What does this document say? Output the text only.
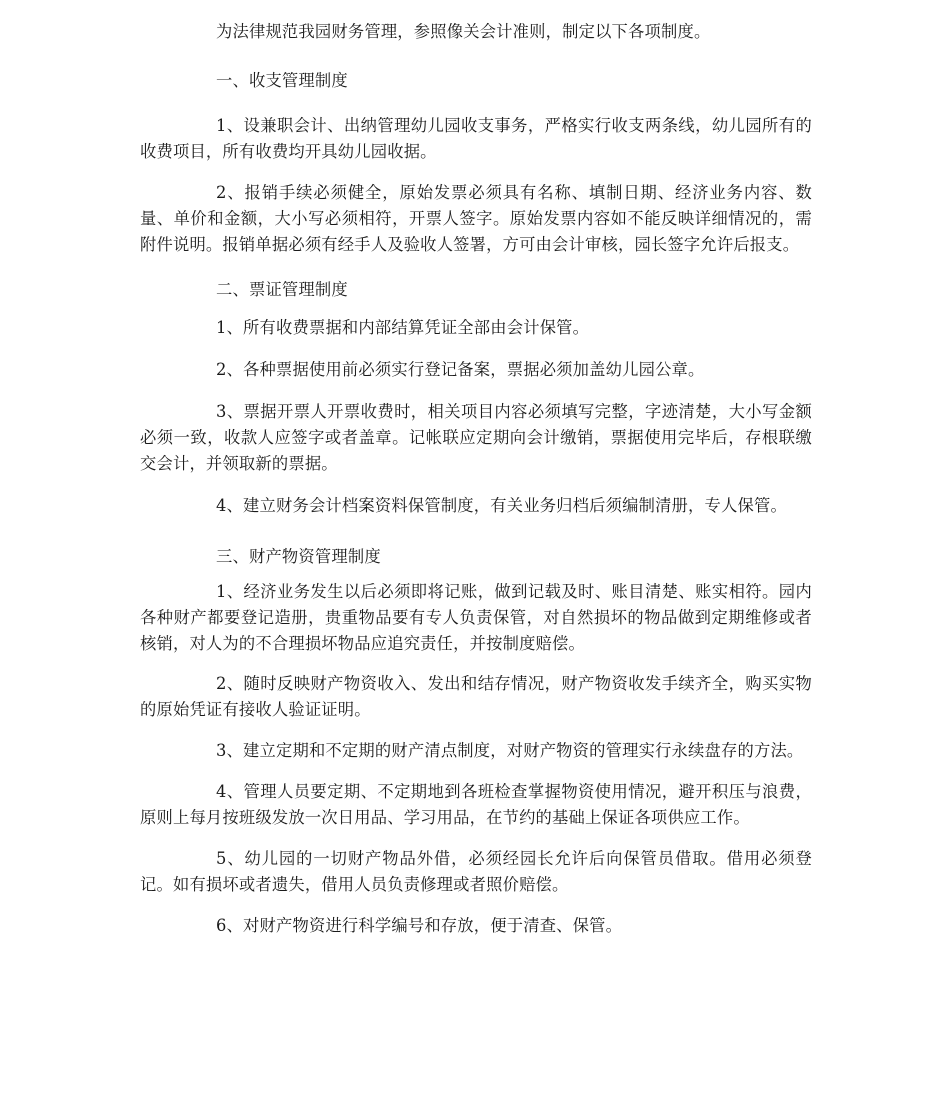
为法律规范我园财务管理，参照像关会计准则，制定以下各项制度。

一、收支管理制度

1、设兼职会计、出纳管理幼儿园收支事务，严格实行收支两条线，幼儿园所有的收费项目，所有收费均开具幼儿园收据。

2、报销手续必须健全，原始发票必须具有名称、填制日期、经济业务内容、数量、单价和金额，大小写必须相符，开票人签字。原始发票内容如不能反映详细情况的，需附件说明。报销单据必须有经手人及验收人签署，方可由会计审核，园长签字允许后报支。

二、票证管理制度

1、所有收费票据和内部结算凭证全部由会计保管。

2、各种票据使用前必须实行登记备案，票据必须加盖幼儿园公章。

3、票据开票人开票收费时，相关项目内容必须填写完整，字迹清楚，大小写金额必须一致，收款人应签字或者盖章。记帐联应定期向会计缴销，票据使用完毕后，存根联缴交会计，并领取新的票据。

4、建立财务会计档案资料保管制度，有关业务归档后须编制清册，专人保管。

三、财产物资管理制度

1、经济业务发生以后必须即将记账，做到记载及时、账目清楚、账实相符。园内各种财产都要登记造册，贵重物品要有专人负责保管，对自然损坏的物品做到定期维修或者核销，对人为的不合理损坏物品应追究责任，并按制度赔偿。

2、随时反映财产物资收入、发出和结存情况，财产物资收发手续齐全，购买实物的原始凭证有接收人验证证明。

3、建立定期和不定期的财产清点制度，对财产物资的管理实行永续盘存的方法。

4、管理人员要定期、不定期地到各班检查掌握物资使用情况，避开积压与浪费，原则上每月按班级发放一次日用品、学习用品，在节约的基础上保证各项供应工作。

5、幼儿园的一切财产物品外借，必须经园长允许后向保管员借取。借用必须登记。如有损坏或者遗失，借用人员负责修理或者照价赔偿。

6、对财产物资进行科学编号和存放，便于清查、保管。
